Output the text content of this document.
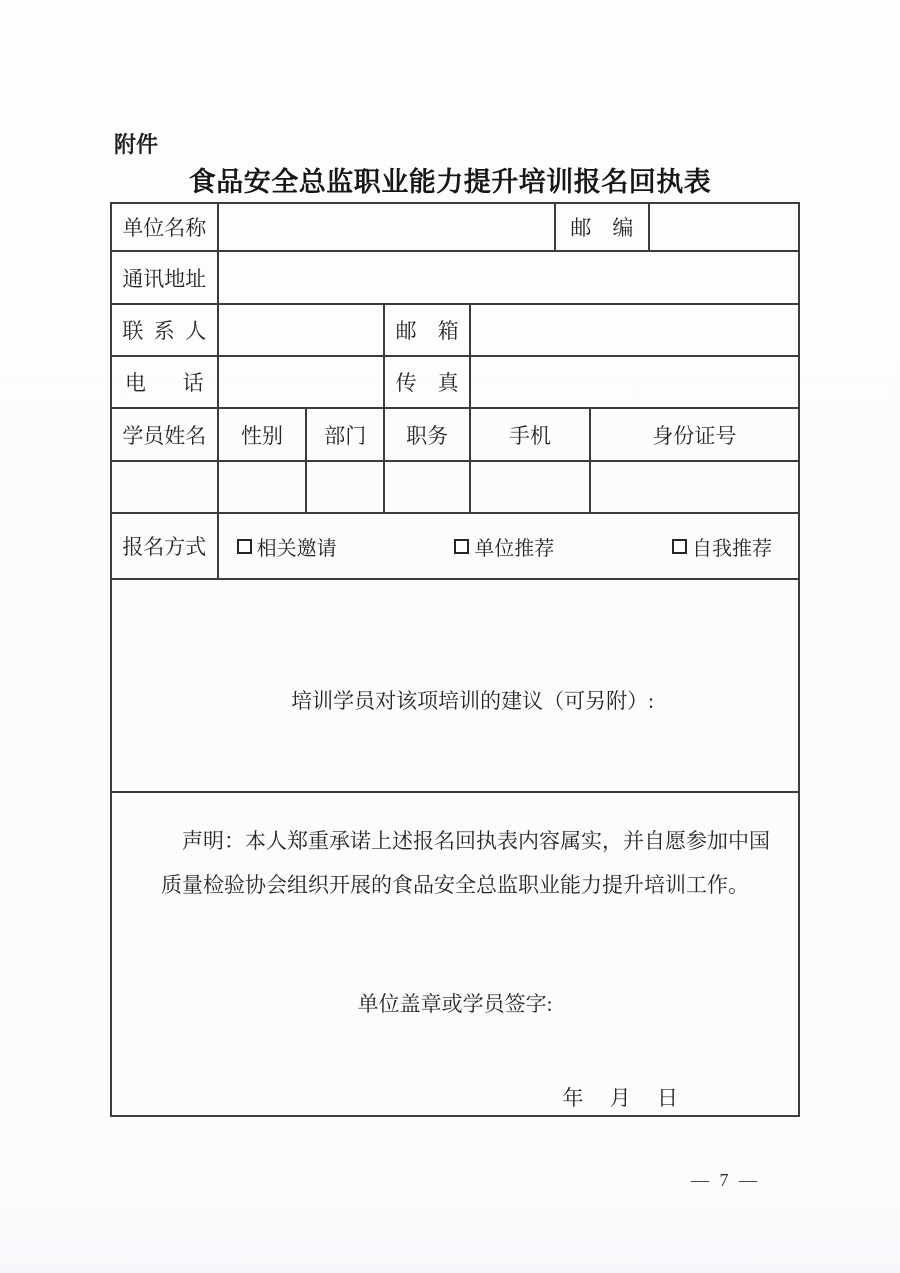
附件
食品安全总监职业能力提升培训报名回执表
单位名称					邮    编		
通讯地址							
联  系  人			邮    箱				
电       话			传    真				
学员姓名	性别	部门	职务	手机		身份证号	

报名方式	相关邀请 单位推荐 自我推荐						

培训学员对该项培训的建议（可另附）:							

声明：本人郑重承诺上述报名回执表内容属实，并自愿参加中国
质量检验协会组织开展的食品安全总监职业能力提升培训工作。
单位盖章或学员签字:
年     月     日							
— 7 —
